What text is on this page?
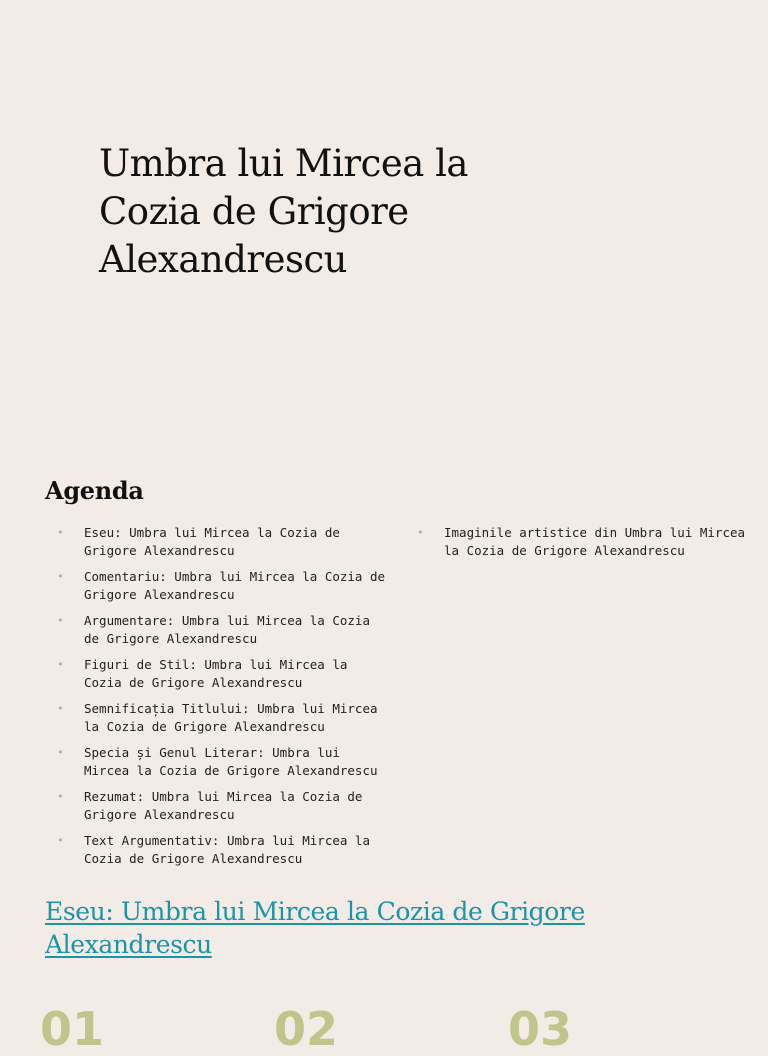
Umbra lui Mircea la Cozia de Grigore Alexandrescu
Agenda
• Eseu: Umbra lui Mircea la Cozia de Grigore Alexandrescu
• Comentariu: Umbra lui Mircea la Cozia de Grigore Alexandrescu
• Argumentare: Umbra lui Mircea la Cozia de Grigore Alexandrescu
• Figuri de Stil: Umbra lui Mircea la Cozia de Grigore Alexandrescu
• Semnificația Titlului: Umbra lui Mircea la Cozia de Grigore Alexandrescu
• Specia și Genul Literar: Umbra lui Mircea la Cozia de Grigore Alexandrescu
• Rezumat: Umbra lui Mircea la Cozia de Grigore Alexandrescu
• Text Argumentativ: Umbra lui Mircea la Cozia de Grigore Alexandrescu
• Imaginile artistice din Umbra lui Mircea la Cozia de Grigore Alexandrescu
Eseu: Umbra lui Mircea la Cozia de Grigore Alexandrescu
01	02	03
